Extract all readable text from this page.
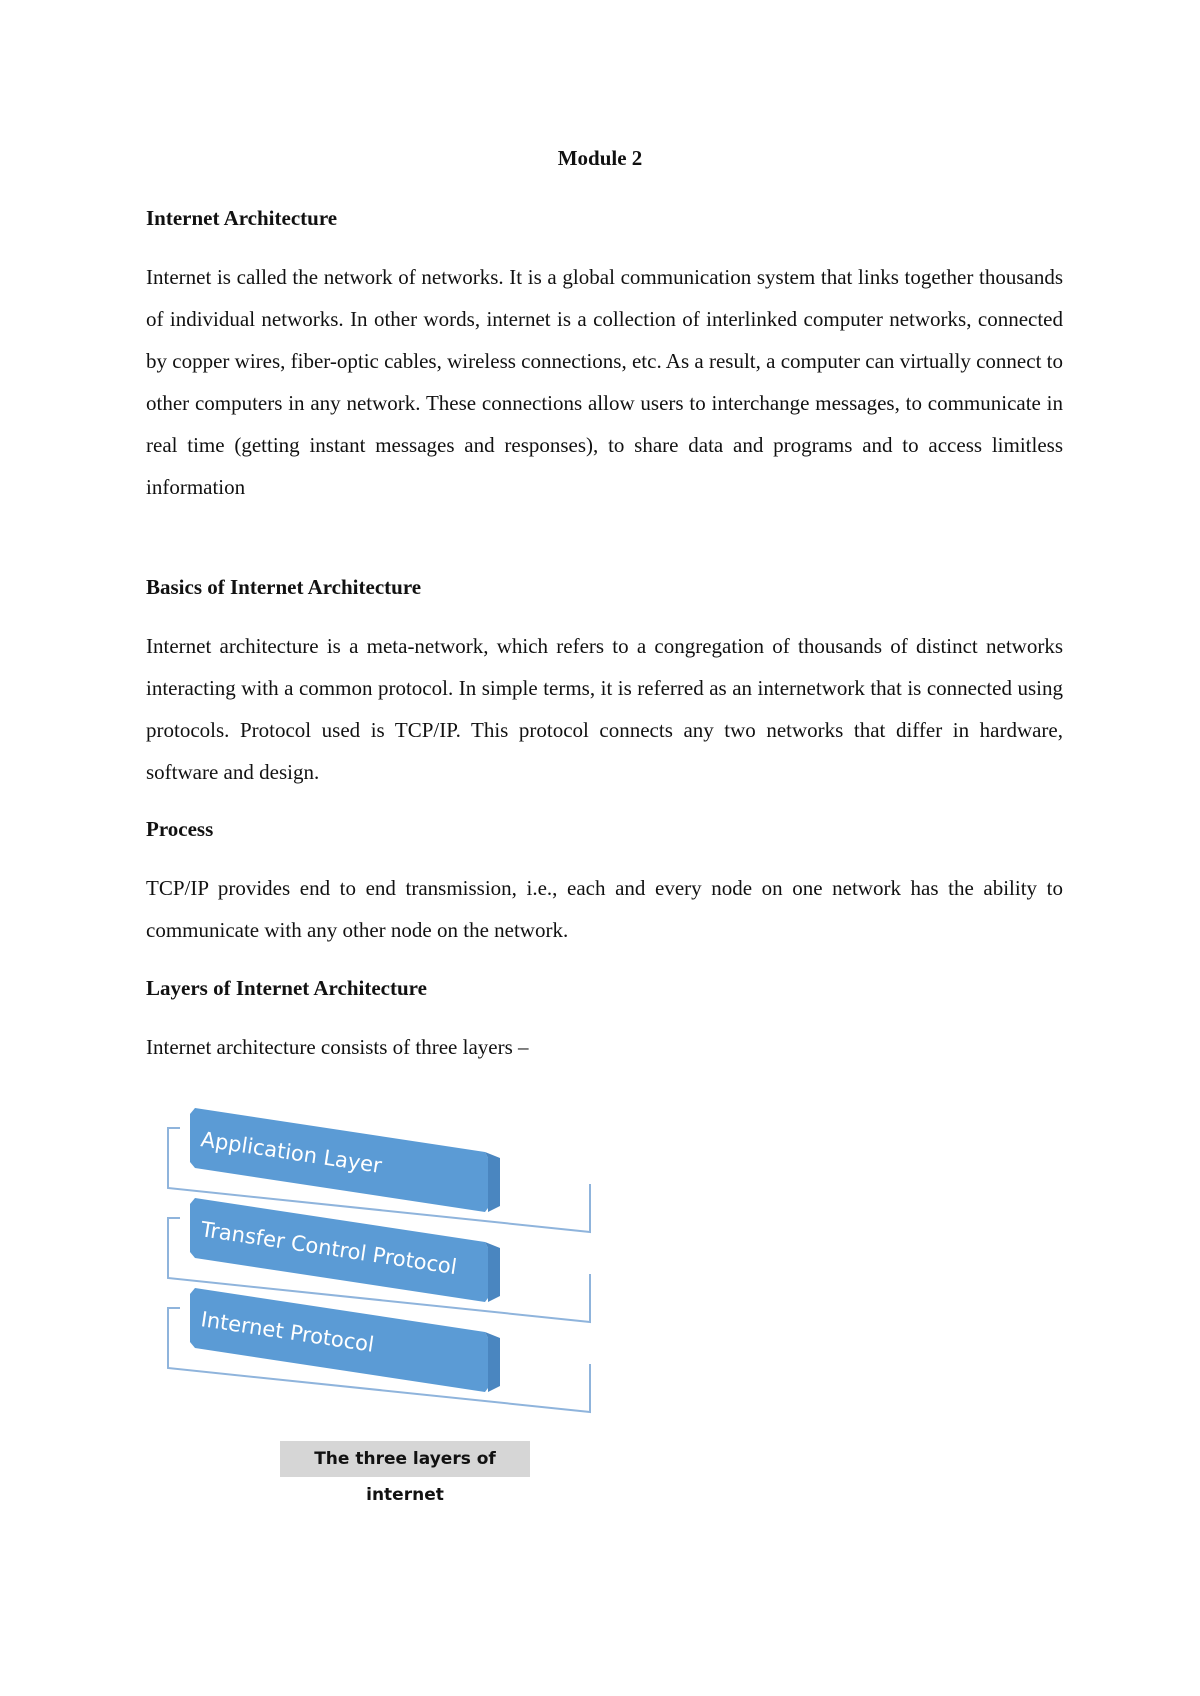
Module 2
Internet Architecture
Internet is called the network of networks. It is a global communication system that links together thousands of individual networks. In other words, internet is a collection of interlinked computer networks, connected by copper wires, fiber-optic cables, wireless connections, etc. As a result, a computer can virtually connect to other computers in any network. These connections allow users to interchange messages, to communicate in real time (getting instant messages and responses), to share data and programs and to access limitless information
Basics of Internet Architecture
Internet architecture is a meta-network, which refers to a congregation of thousands of distinct networks interacting with a common protocol. In simple terms, it is referred as an internetwork that is connected using protocols. Protocol used is TCP/IP. This protocol connects any two networks that differ in hardware, software and design.
Process
TCP/IP provides end to end transmission, i.e., each and every node on one network has the ability to communicate with any other node on the network.
Layers of Internet Architecture
Internet architecture consists of three layers –
Application Layer
Transfer Control Protocol
Internet Protocol
The three layers of internet
